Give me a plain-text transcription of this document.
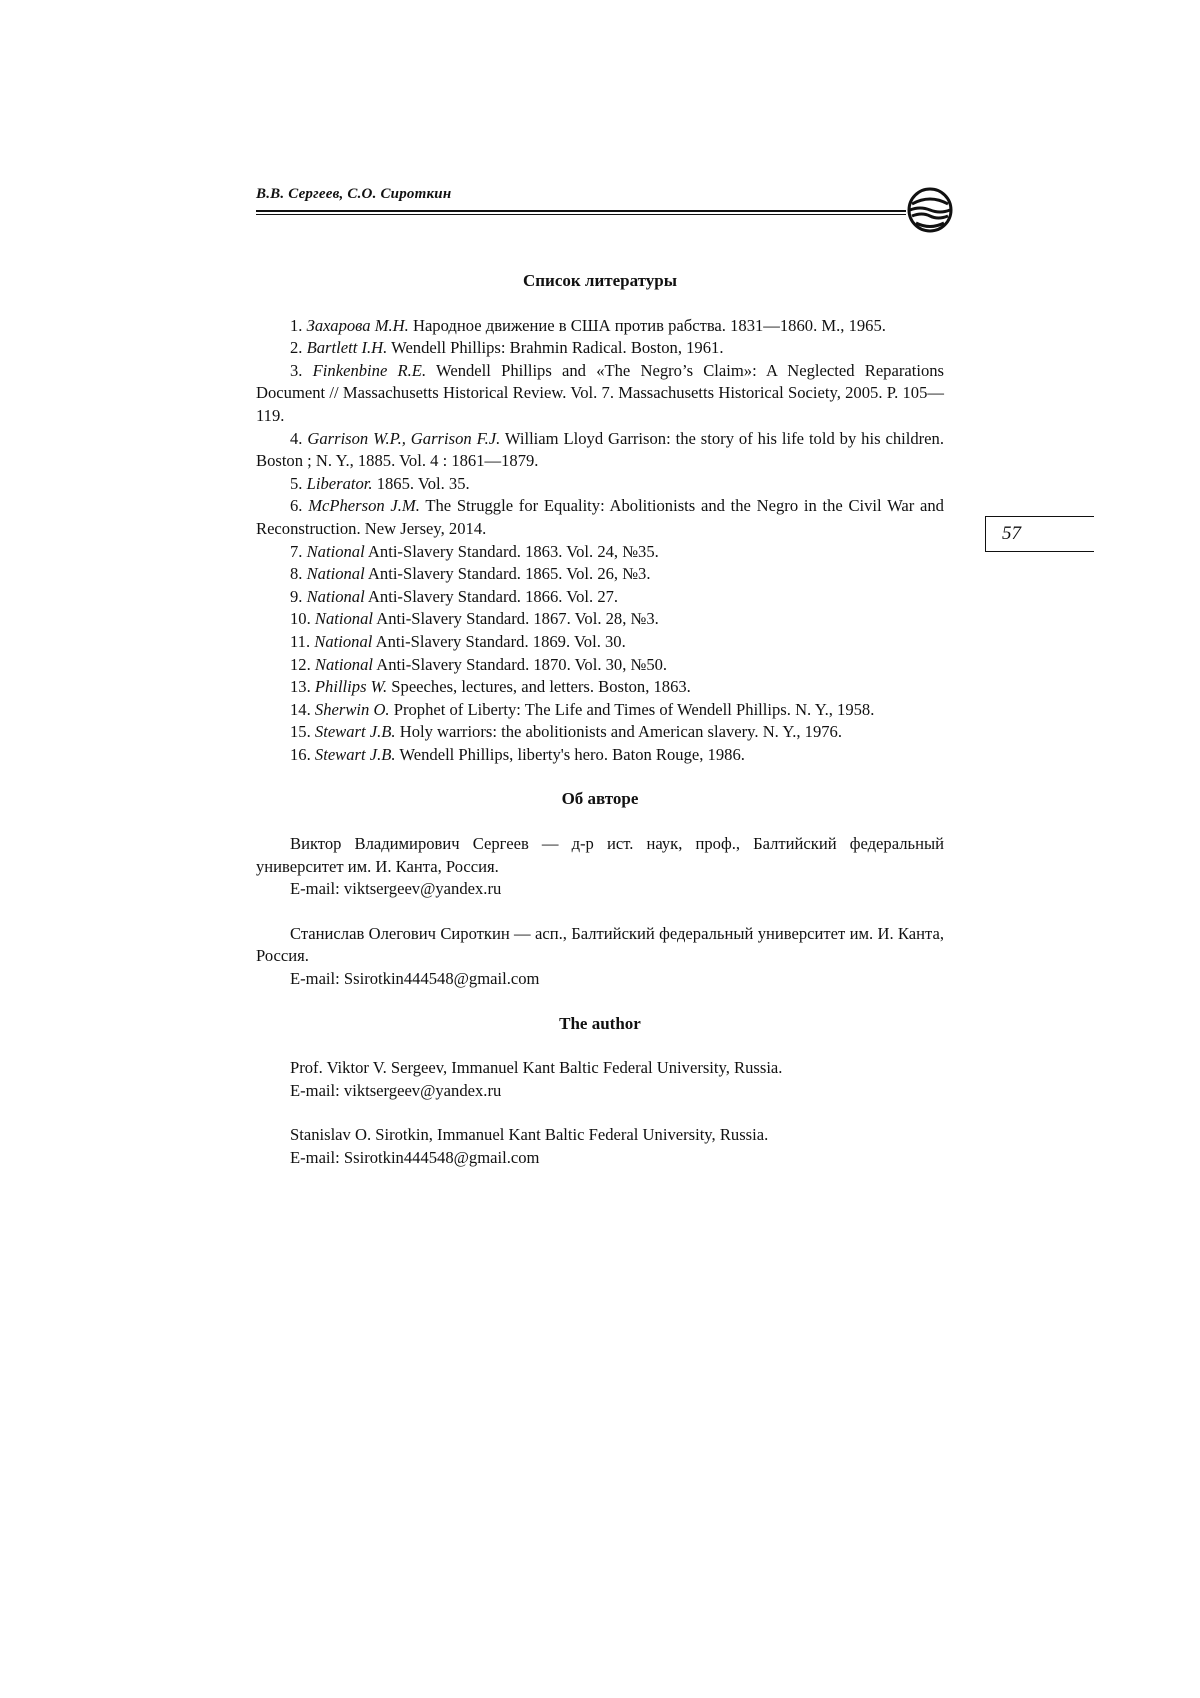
В.В. Сергеев, С.О. Сироткин
57
Список литературы

1. Захарова М.Н. Народное движение в США против рабства. 1831—1860. М., 1965.

2. Bartlett I.H. Wendell Phillips: Brahmin Radical. Boston, 1961.

3. Finkenbine R.E. Wendell Phillips and «The Negro’s Claim»: A Neglected Reparations Document // Massachusetts Historical Review. Vol. 7. Massachusetts Historical Society, 2005. P. 105—119.

4. Garrison W.P., Garrison F.J. William Lloyd Garrison: the story of his life told by his children. Boston ; N. Y., 1885. Vol. 4 : 1861—1879.

5. Liberator. 1865. Vol. 35.

6. McPherson J.M. The Struggle for Equality: Abolitionists and the Negro in the Civil War and Reconstruction. New Jersey, 2014.

7. National Anti-Slavery Standard. 1863. Vol. 24, №35.

8. National Anti-Slavery Standard. 1865. Vol. 26, №3.

9. National Anti-Slavery Standard. 1866. Vol. 27.

10. National Anti-Slavery Standard. 1867. Vol. 28, №3.

11. National Anti-Slavery Standard. 1869. Vol. 30.

12. National Anti-Slavery Standard. 1870. Vol. 30, №50.

13. Phillips W. Speeches, lectures, and letters. Boston, 1863.

14. Sherwin O. Prophet of Liberty: The Life and Times of Wendell Phillips. N. Y., 1958.

15. Stewart J.B. Holy warriors: the abolitionists and American slavery. N. Y., 1976.

16. Stewart J.B. Wendell Phillips, liberty's hero. Baton Rouge, 1986.

Об авторе

Виктор Владимирович Сергеев — д-р ист. наук, проф., Балтийский федеральный университет им. И. Канта, Россия.

E-mail: viktsergeev@yandex.ru

Станислав Олегович Сироткин — асп., Балтийский федеральный университет им. И. Канта, Россия.

E-mail: Ssirotkin444548@gmail.com

The author

Prof. Viktor V. Sergeev, Immanuel Kant Baltic Federal University, Russia.

E-mail: viktsergeev@yandex.ru

Stanislav O. Sirotkin, Immanuel Kant Baltic Federal University, Russia.

E-mail: Ssirotkin444548@gmail.com
